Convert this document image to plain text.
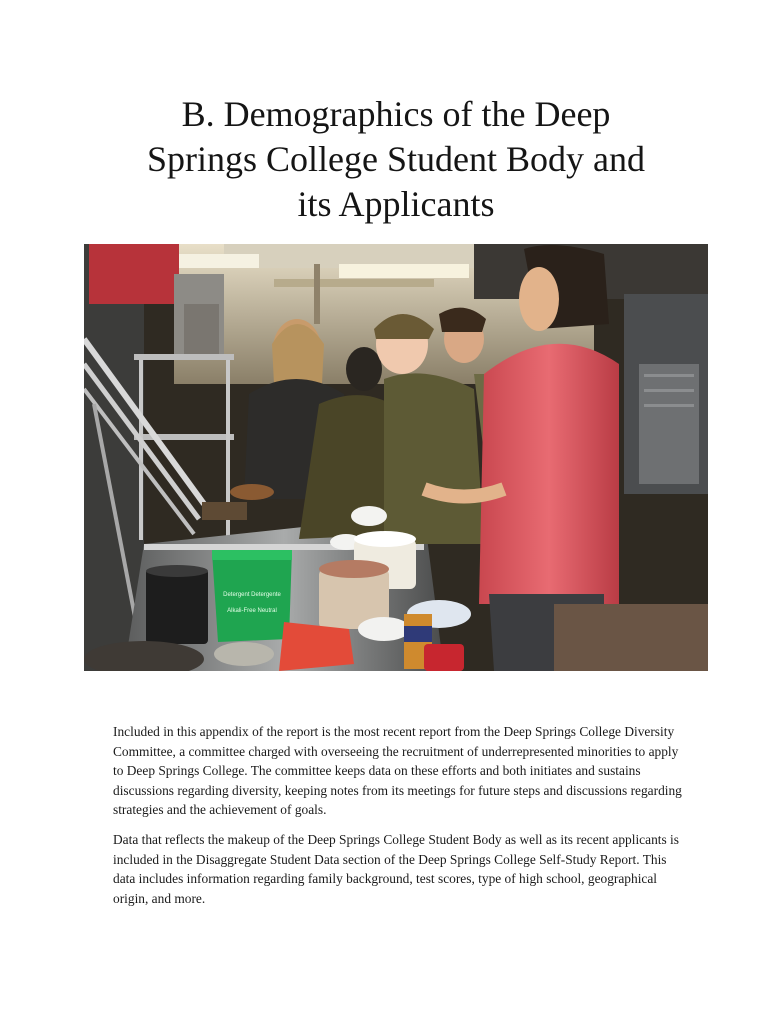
B. Demographics of the Deep
Springs College Student Body and
its Applicants
Detergent Detergente
Alkali-Free Neutral

Included in this appendix of the report is the most recent report from the Deep Springs College Diversity Committee, a committee charged with overseeing the recruitment of underrepresented minorities to apply to Deep Springs College. The committee keeps data on these efforts and both initiates and sustains discussions regarding diversity, keeping notes from its meetings for future steps and discussions regarding strategies and the achievement of goals.

Data that reflects the makeup of the Deep Springs College Student Body as well as its recent applicants is included in the Disaggregate Student Data section of the Deep Springs College Self-Study Report. This data includes information regarding family background, test scores, type of high school, geographical origin, and more.
